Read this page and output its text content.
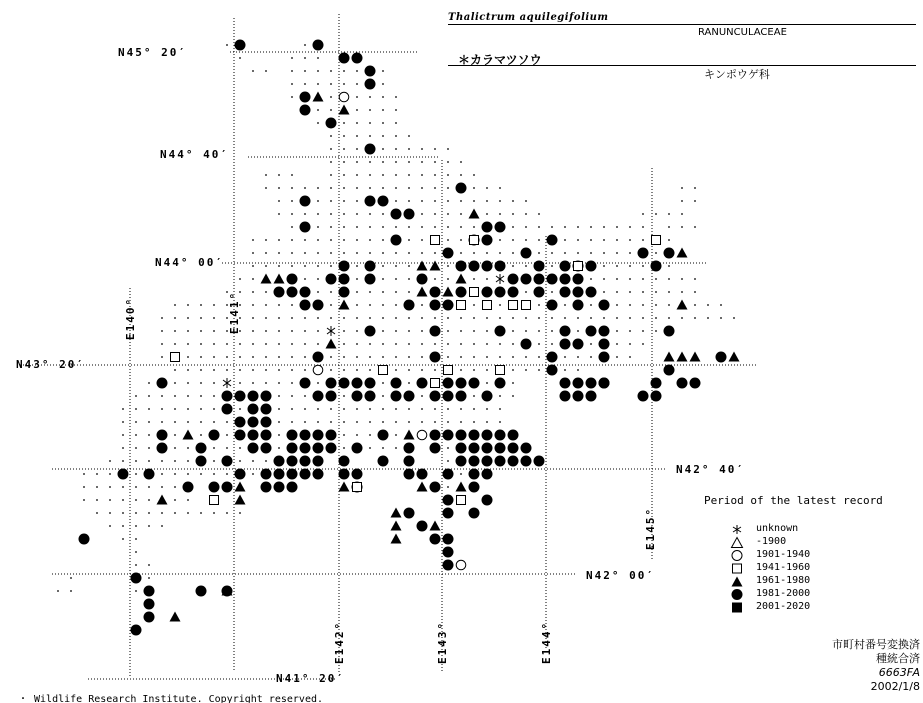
Thalictrum aquilegifolium
RANUNCULACEAE
＊カラマツソウ
キンポウゲ科
N45° 20′
N44° 40′
N44° 00′
N43° 20′
N42° 40′
N42° 00′
N41° 20′
E140°	E141°
E142°	E143°	E144°
E145°
Period of the latest record
unknown
-1900
1901-1940
1941-1960
1961-1980
1981-2000
2001-2020
市町村番号変換済
種統合済
6663FA
2002/1/8
・ Wildlife Research Institute. Copyright reserved.
